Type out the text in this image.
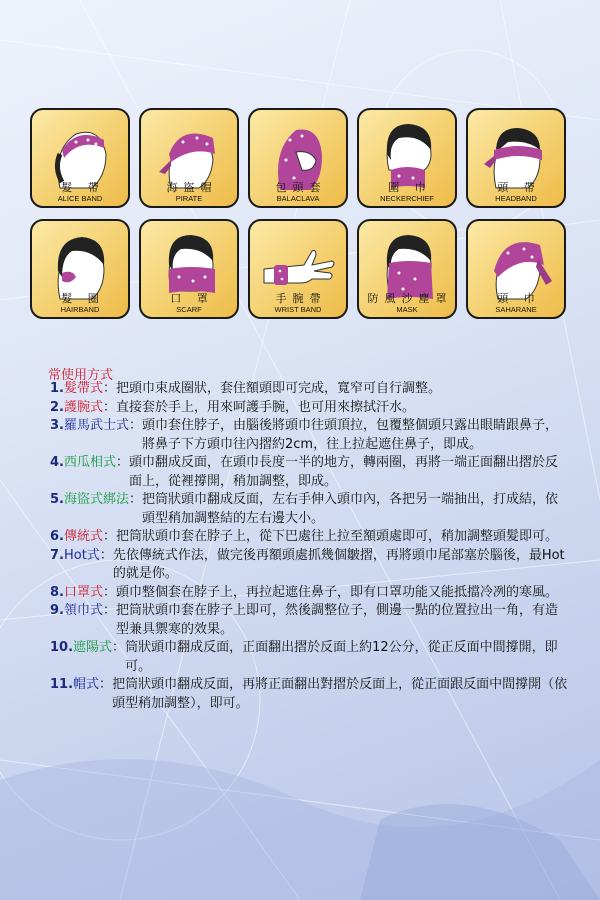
髮 帶
ALICE BAND
海盜帽
PIRATE
包頭套
BALACLAVA
圍 巾
NECKERCHIEF
頭 帶
HEADBAND
髮 圈
HAIRBAND
口 罩
SCARF
手腕帶
WRIST BAND
防風沙塵罩
MASK
頭 巾
SAHARANE
常使用方式
1. 髮帶式 ： 把頭巾束成圈狀，套住額頭即可完成，寬窄可自行調整。
2. 護腕式 ： 直接套於手上，用來呵護手腕，也可用來擦拭汗水。
3. 羅馬武士式 ： 頭巾套住脖子，由腦後將頭巾往頭頂拉，包覆整個頭只露出眼睛跟鼻子，將鼻子下方頭巾往內摺約2cm，往上拉起遮住鼻子，即成。
4. 西瓜相式 ： 頭巾翻成反面，在頭巾長度一半的地方，轉兩圈，再將一端正面翻出摺於反面上，從裡撐開，稍加調整，即成。
5. 海盜式綁法 ： 把筒狀頭巾翻成反面，左右手伸入頭巾內，各把另一端抽出，打成結，依頭型稍加調整結的左右邊大小。
6. 傳統式 ： 把筒狀頭巾套在脖子上，從下巴處往上拉至額頭處即可，稍加調整頭髮即可。
7. Hot式 ： 先依傳統式作法，做完後再額頭處抓幾個皺摺，再將頭巾尾部塞於腦後，最Hot的就是你。
8. 口罩式 ： 頭巾整個套在脖子上，再拉起遮住鼻子，即有口罩功能又能抵擋冷冽的寒風。
9. 領巾式 ： 把筒狀頭巾套在脖子上即可，然後調整位子，側邊一點的位置拉出一角，有造型兼具禦寒的效果。
10. 遮陽式 ： 筒狀頭巾翻成反面，正面翻出摺於反面上約12公分，從正反面中間撐開，即可。
11. 帽式 ： 把筒狀頭巾翻成反面，再將正面翻出對摺於反面上，從正面跟反面中間撐開（依頭型稍加調整），即可。
